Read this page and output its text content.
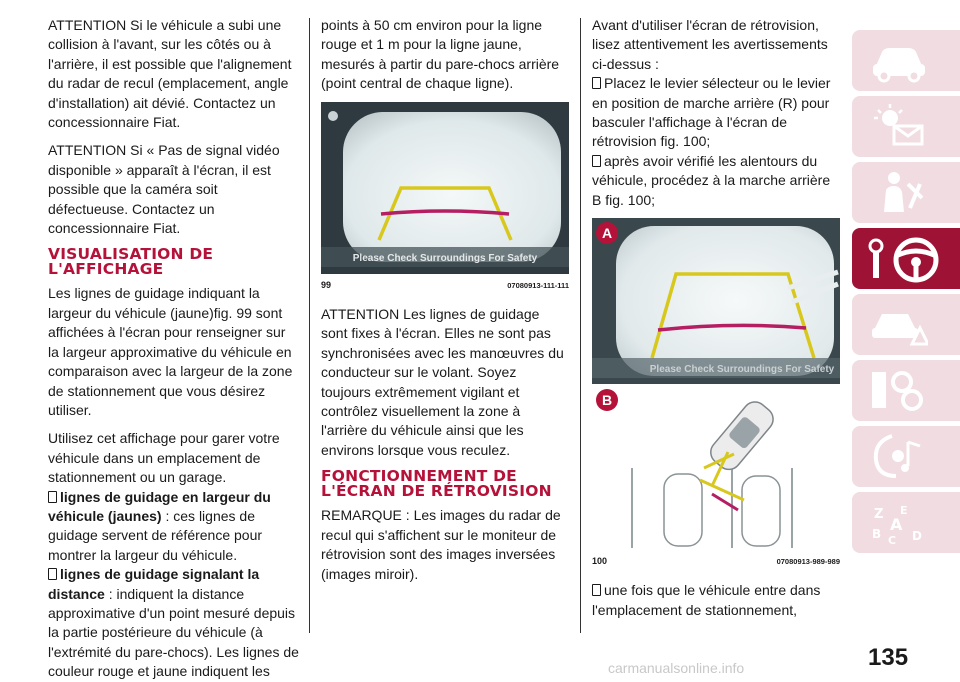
ATTENTION Si le véhicule a subi une collision à l'avant, sur les côtés ou à l'arrière, il est possible que l'alignement du radar de recul (emplacement, angle d'installation) ait dévié. Contactez un concessionnaire Fiat.

ATTENTION Si « Pas de signal vidéo disponible » apparaît à l'écran, il est possible que la caméra soit défectueuse. Contactez un concessionnaire Fiat.

VISUALISATION DE L'AFFICHAGE

Les lignes de guidage indiquant la largeur du véhicule (jaune)fig. 99 sont affichées à l'écran pour renseigner sur la largeur approximative du véhicule en comparaison avec la largeur de la zone de stationnement que vous désirez utiliser.

Utilisez cet affichage pour garer votre véhicule dans un emplacement de stationnement ou un garage.

lignes de guidage en largeur du véhicule (jaunes) : ces lignes de guidage servent de référence pour montrer la largeur du véhicule.
lignes de guidage signalant la distance : indiquent la distance approximative d'un point mesuré depuis la partie postérieure du véhicule (à l'extrémité du pare-chocs). Les lignes de couleur rouge et jaune indiquent les

points à 50 cm environ pour la ligne rouge et 1 m pour la ligne jaune, mesurés à partir du pare-chocs arrière (point central de chaque ligne).

Please Check Surroundings For Safety
99	07080913-111-111

ATTENTION Les lignes de guidage sont fixes à l'écran. Elles ne sont pas synchronisées avec les manœuvres du conducteur sur le volant. Soyez toujours extrêmement vigilant et contrôlez visuellement la zone à l'arrière du véhicule ainsi que les environs lorsque vous reculez.

FONCTIONNEMENT DE L'ÉCRAN DE RÉTROVISION

REMARQUE : Les images du radar de recul qui s'affichent sur le moniteur de rétrovision sont des images inversées (images miroir).

Avant d'utiliser l'écran de rétrovision, lisez attentivement les avertissements ci-dessus :

Placez le levier sélecteur ou le levier en position de marche arrière (R) pour basculer l'affichage à l'écran de rétrovision fig. 100;
après avoir vérifié les alentours du véhicule, procédez à la marche arrière B fig. 100;
Please Check Surroundings For Safety
A
B
100	07080913-989-989
une fois que le véhicule entre dans l'emplacement de stationnement,
Z E
A
B C D
135
carmanualsonline.info
